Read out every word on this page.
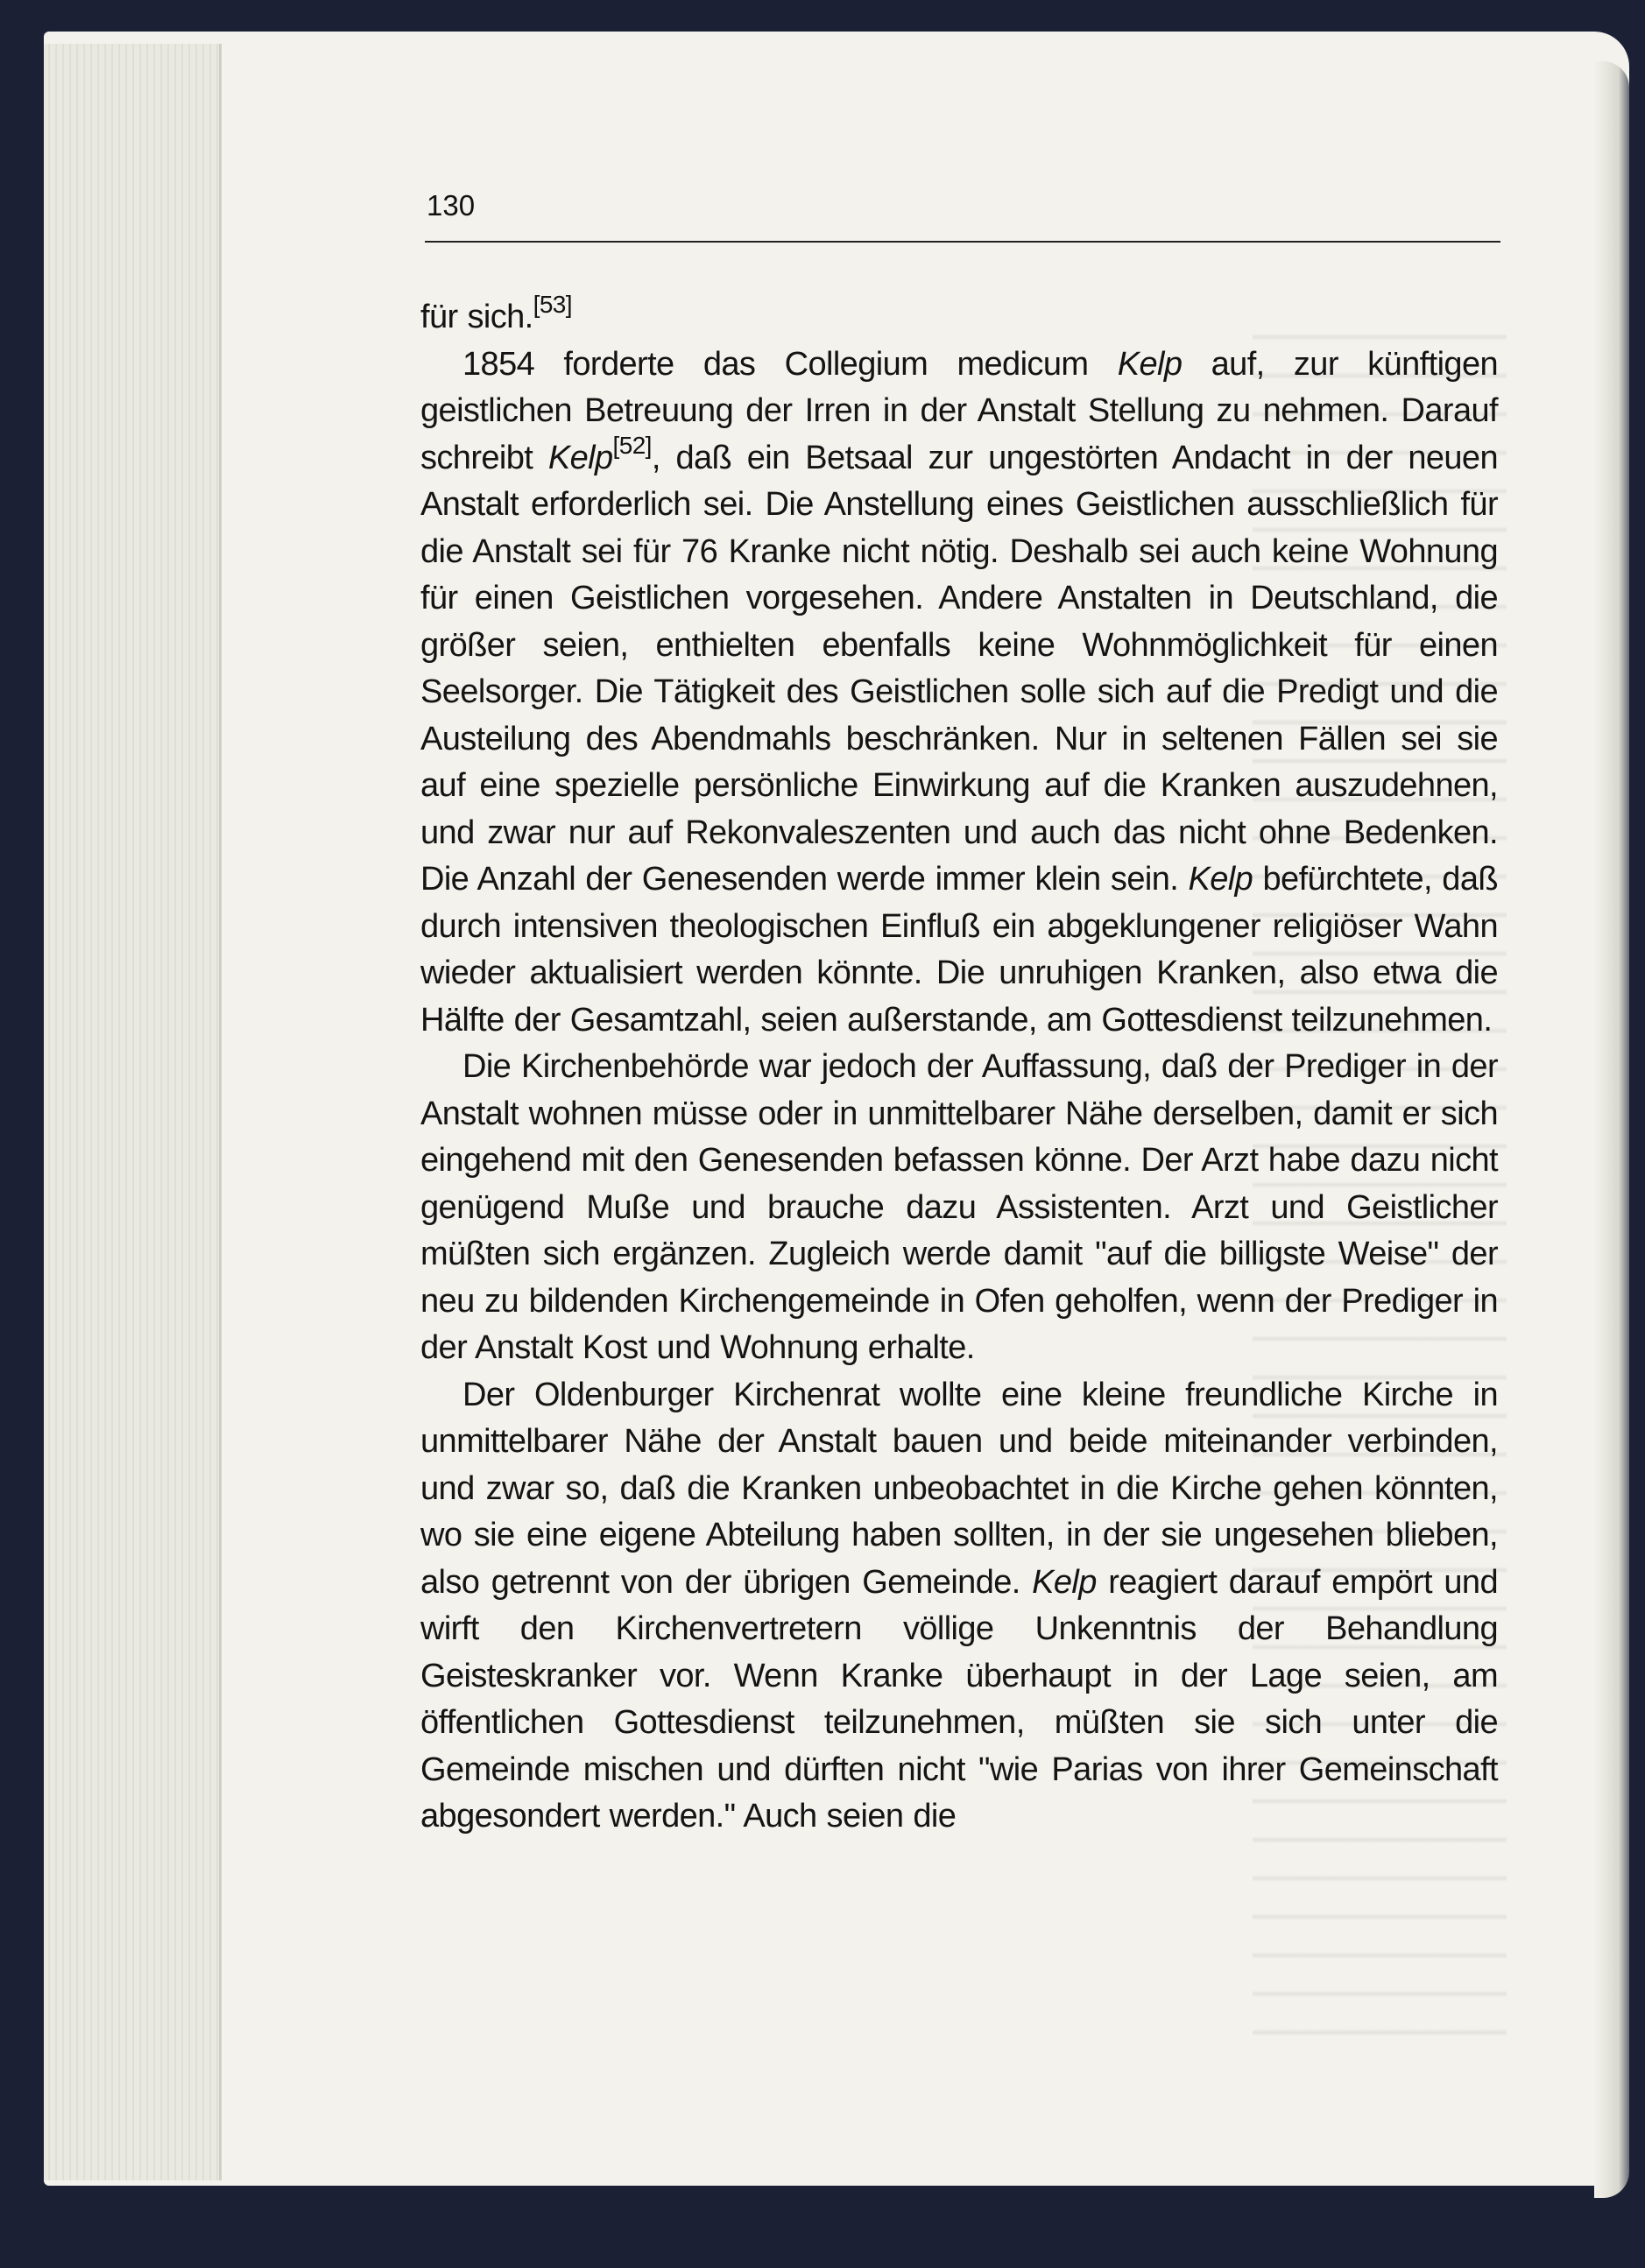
130

für sich.[53]

1854 forderte das Collegium medicum Kelp auf, zur künftigen geistlichen Betreuung der Irren in der Anstalt Stellung zu nehmen. Darauf schreibt Kelp[52], daß ein Betsaal zur ungestörten Andacht in der neuen Anstalt erforderlich sei. Die Anstellung eines Geistlichen ausschließlich für die Anstalt sei für 76 Kranke nicht nötig. Deshalb sei auch keine Wohnung für einen Geistlichen vorgesehen. Andere Anstalten in Deutschland, die größer seien, enthielten ebenfalls keine Wohnmöglichkeit für einen Seelsorger. Die Tätigkeit des Geistlichen solle sich auf die Predigt und die Austeilung des Abendmahls beschränken. Nur in seltenen Fällen sei sie auf eine spezielle persönliche Einwirkung auf die Kranken auszudehnen, und zwar nur auf Rekonvaleszenten und auch das nicht ohne Bedenken. Die Anzahl der Genesenden werde immer klein sein. Kelp befürchtete, daß durch intensiven theologischen Einfluß ein abgeklungener religiöser Wahn wieder aktualisiert werden könnte. Die unruhigen Kranken, also etwa die Hälfte der Gesamtzahl, seien außerstande, am Gottesdienst teilzunehmen.

Die Kirchenbehörde war jedoch der Auffassung, daß der Prediger in der Anstalt wohnen müsse oder in unmittelbarer Nähe derselben, damit er sich eingehend mit den Genesenden befassen könne. Der Arzt habe dazu nicht genügend Muße und brauche dazu Assistenten. Arzt und Geistlicher müßten sich ergänzen. Zugleich werde damit "auf die billigste Weise" der neu zu bildenden Kirchengemeinde in Ofen geholfen, wenn der Prediger in der Anstalt Kost und Wohnung erhalte.

Der Oldenburger Kirchenrat wollte eine kleine freundliche Kirche in unmittelbarer Nähe der Anstalt bauen und beide miteinander verbinden, und zwar so, daß die Kranken unbeobachtet in die Kirche gehen könnten, wo sie eine eigene Abteilung haben sollten, in der sie ungesehen blieben, also getrennt von der übrigen Gemeinde. Kelp reagiert darauf empört und wirft den Kirchenvertretern völlige Unkenntnis der Behandlung Geisteskranker vor. Wenn Kranke überhaupt in der Lage seien, am öffentlichen Gottesdienst teilzunehmen, müßten sie sich unter die Gemeinde mischen und dürften nicht "wie Parias von ihrer Gemeinschaft abgesondert werden." Auch seien die
